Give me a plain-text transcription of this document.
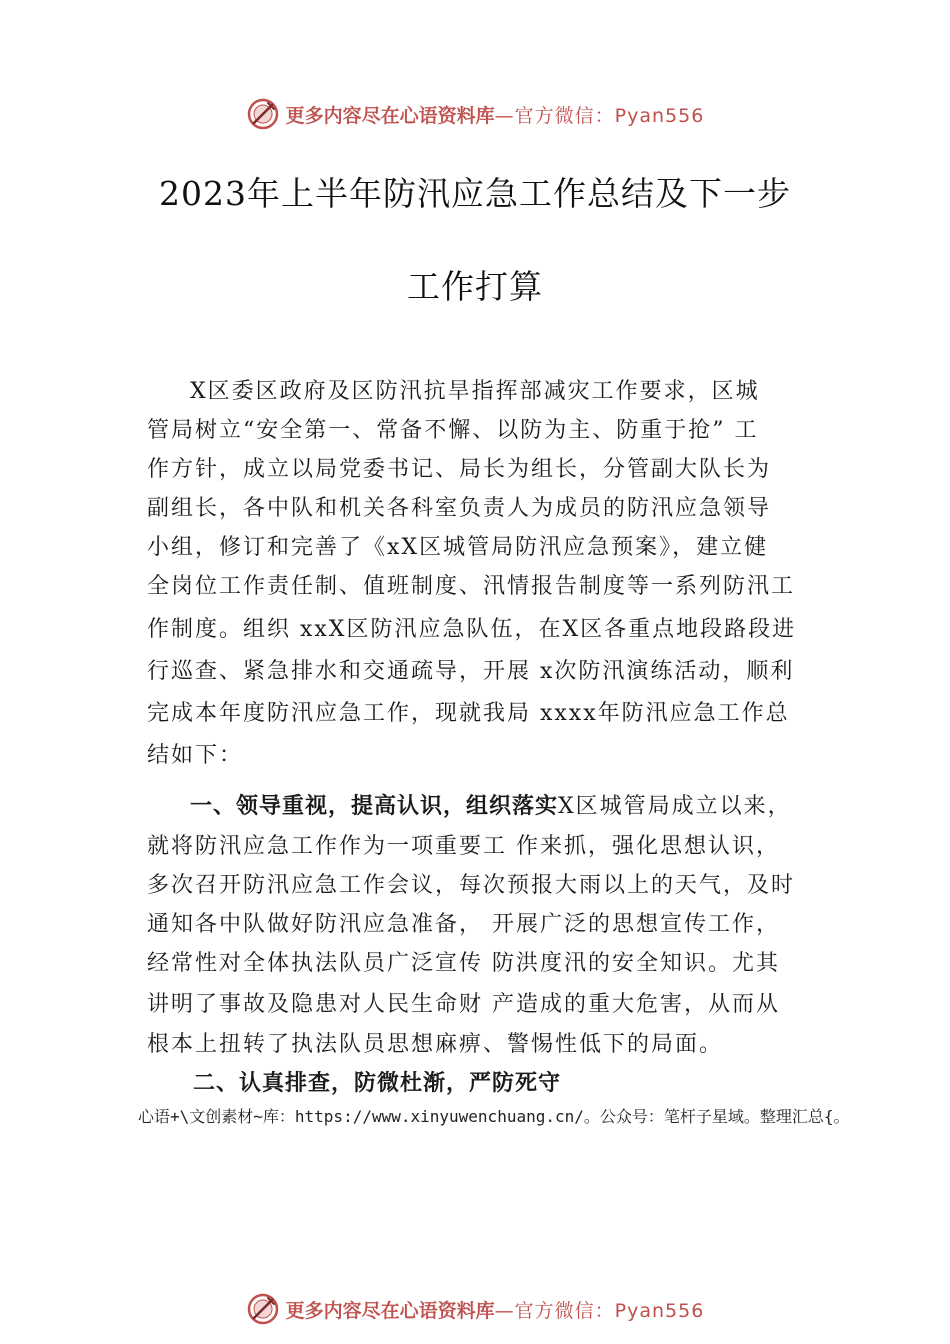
更多内容尽在心语资料库 —官方微信：Pyan556
2023年上半年防汛应急工作总结及下一步
工作打算
X区委区政府及区防汛抗旱指挥部减灾工作要求，区城
管局树立“安全第一、常备不懈、以防为主、防重于抢” 工
作方针，成立以局党委书记、局长为组长，分管副大队长为
副组长，各中队和机关各科室负责人为成员的防汛应急领导
小组，修订和完善了《xX区城管局防汛应急预案》，建立健
全岗位工作责任制、值班制度、汛情报告制度等一系列防汛工
作制度。组织 xxX区防汛应急队伍，在X区各重点地段路段进
行巡查、紧急排水和交通疏导，开展 x次防汛演练活动，顺利
完成本年度防汛应急工作，现就我局 xxxx年防汛应急工作总
结如下：
一、领导重视，提高认识，组织落实X区城管局成立以来，
就将防汛应急工作作为一项重要工 作来抓，强化思想认识，
多次召开防汛应急工作会议，每次预报大雨以上的天气，及时
通知各中队做好防汛应急准备， 开展广泛的思想宣传工作，
经常性对全体执法队员广泛宣传 防洪度汛的安全知识。尤其
讲明了事故及隐患对人民生命财 产造成的重大危害，从而从
根本上扭转了执法队员思想麻痹、警惕性低下的局面。
二、认真排查，防微杜渐，严防死守
心语+\文创素材~库：https://www.xinyuwenchuang.cn/。公众号：笔杆子星域。整理汇总{。
更多内容尽在心语资料库 —官方微信：Pyan556
